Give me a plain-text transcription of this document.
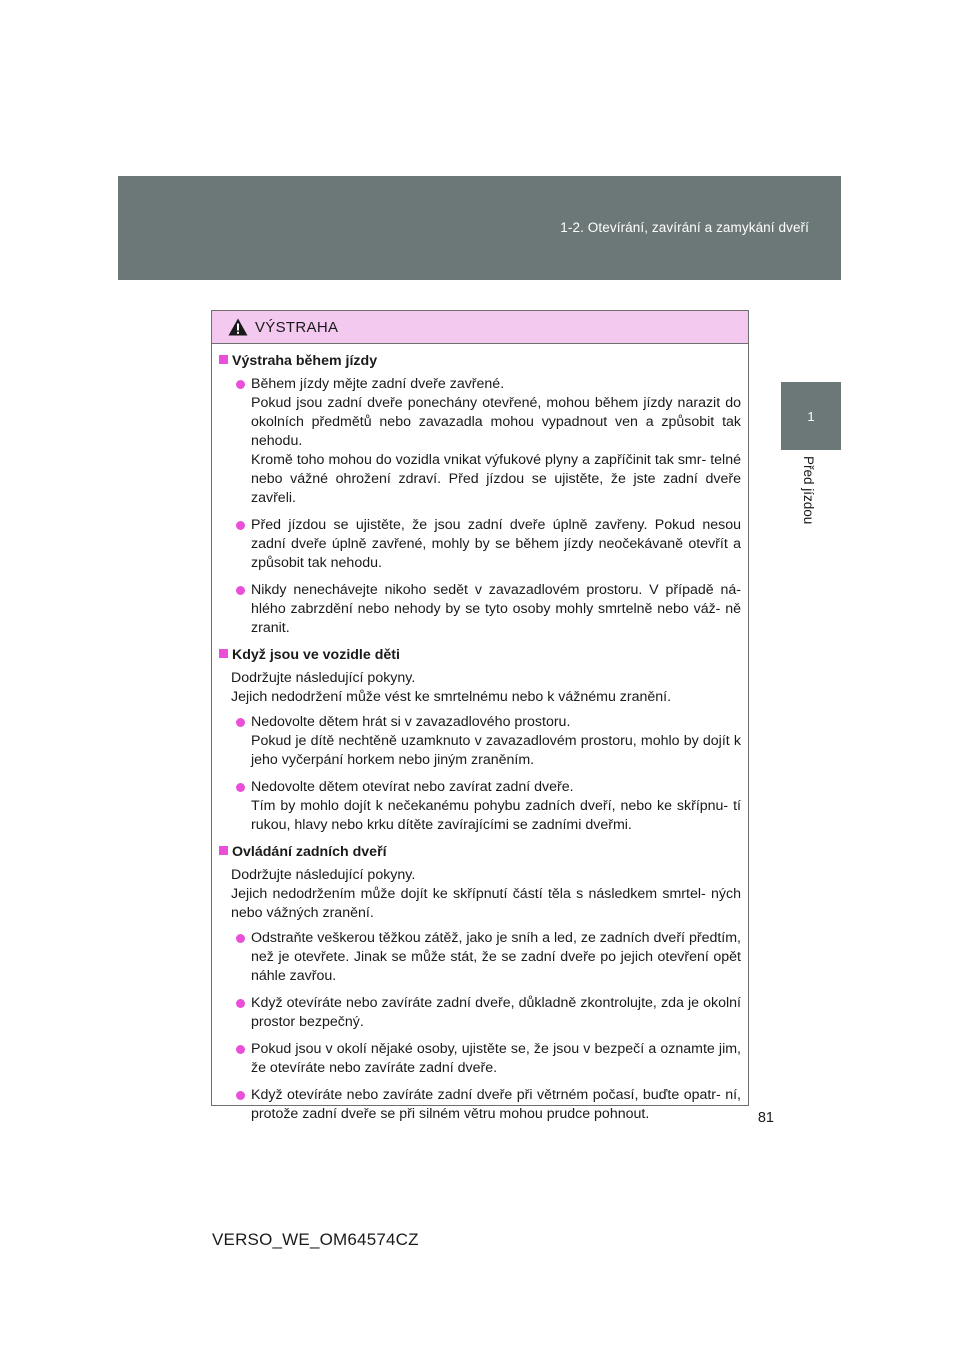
1-2. Otevírání, zavírání a zamykání dveří
1
Před jízdou
VÝSTRAHA
Výstraha během jízdy
Během jízdy mějte zadní dveře zavřené.
Pokud jsou zadní dveře ponechány otevřené, mohou během jízdy narazit do okolních předmětů nebo zavazadla mohou vypadnout ven a způsobit tak nehodu.
Kromě toho mohou do vozidla vnikat výfukové plyny a zapříčinit tak smr- telné nebo vážné ohrožení zdraví. Před jízdou se ujistěte, že jste zadní dveře zavřeli.
Před jízdou se ujistěte, že jsou zadní dveře úplně zavřeny. Pokud nesou zadní dveře úplně zavřené, mohly by se během jízdy neočekávaně otevřít a způsobit tak nehodu.
Nikdy nenechávejte nikoho sedět v zavazadlovém prostoru. V případě ná- hlého zabrzdění nebo nehody by se tyto osoby mohly smrtelně nebo váž- ně zranit.
Když jsou ve vozidle děti
Dodržujte následující pokyny.
Jejich nedodržení může vést ke smrtelnému nebo k vážnému zranění.
Nedovolte dětem hrát si v zavazadlového prostoru.
Pokud je dítě nechtěně uzamknuto v zavazadlovém prostoru, mohlo by dojít k jeho vyčerpání horkem nebo jiným zraněním.
Nedovolte dětem otevírat nebo zavírat zadní dveře.
Tím by mohlo dojít k nečekanému pohybu zadních dveří, nebo ke skřípnu- tí rukou, hlavy nebo krku dítěte zavírajícími se zadními dveřmi.
Ovládání zadních dveří
Dodržujte následující pokyny.
Jejich nedodržením může dojít ke skřípnutí částí těla s následkem smrtel- ných nebo vážných zranění.
Odstraňte veškerou těžkou zátěž, jako je sníh a led, ze zadních dveří předtím, než je otevřete. Jinak se může stát, že se zadní dveře po jejich otevření opět náhle zavřou.
Když otevíráte nebo zavíráte zadní dveře, důkladně zkontrolujte, zda je okolní prostor bezpečný.
Pokud jsou v okolí nějaké osoby, ujistěte se, že jsou v bezpečí a oznamte jim, že otevíráte nebo zavíráte zadní dveře.
Když otevíráte nebo zavíráte zadní dveře při větrném počasí, buďte opatr- ní, protože zadní dveře se při silném větru mohou prudce pohnout.	81
VERSO_WE_OM64574CZ
